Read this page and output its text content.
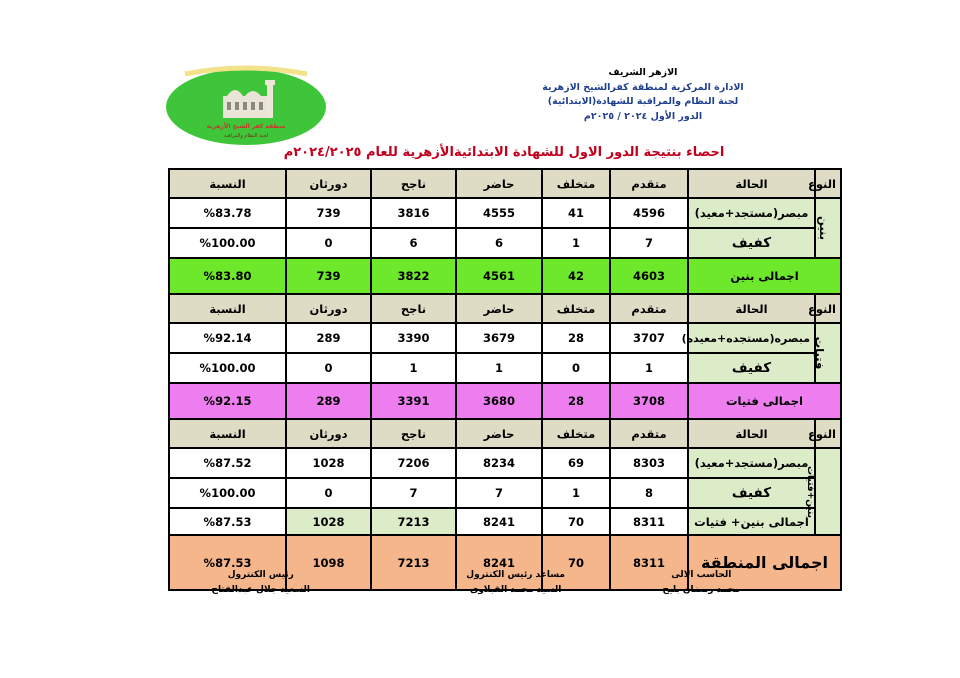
الازهر الشريف
الادارة المركزية لمنطقة كفرالشيخ الازهرية
لجنة النظام والمراقبة للشهادة(الابتدائية)
الدور الأول ٢٠٢٤ / ٢٠٢٥م
منطقة كفر الشيخ الأزهرية
لجنة النظام والمراقبة
احصاء بنتيجة الدور الاول للشهادة الابتدائيةالأزهرية للعام ٢٠٢٤/٢٠٢٥م
النوع	الحالة	متقدم	متخلف	حاضر	ناجح	دورثان	النسبة
بنين	مبصر(مستجد+معيد)	4596	41	4555	3816	739	%83.78
	كفيف	7	1	6	6	0	%100.00
اجمالى بنين		4603	42	4561	3822	739	%83.80
النوع	الحالة	متقدم	متخلف	حاضر	ناجح	دورثان	النسبة
فتيات	مبصره(مستجده+معيده)	3707	28	3679	3390	289	%92.14
	كفيف	1	0	1	1	0	%100.00
اجمالى فتيات		3708	28	3680	3391	289	%92.15
النوع	الحالة	متقدم	متخلف	حاضر	ناجح	دورثان	النسبة
بنين+فتيات	مبصر(مستجد+معيد)	8303	69	8234	7206	1028	%87.52
	كفيف	8	1	7	7	0	%100.00
	اجمالى بنين+ فتيات	8311	70	8241	7213	1028	%87.53
اجمالى المنطقة		8311	70	8241	7213	1098	%87.53
الحاسب الالى
محمد رمضان بليح
مساعد رئيس الكنترول
السيد محمد القبلاوى
رئيس الكنترول
السعيد جلال عبدالفتاح
